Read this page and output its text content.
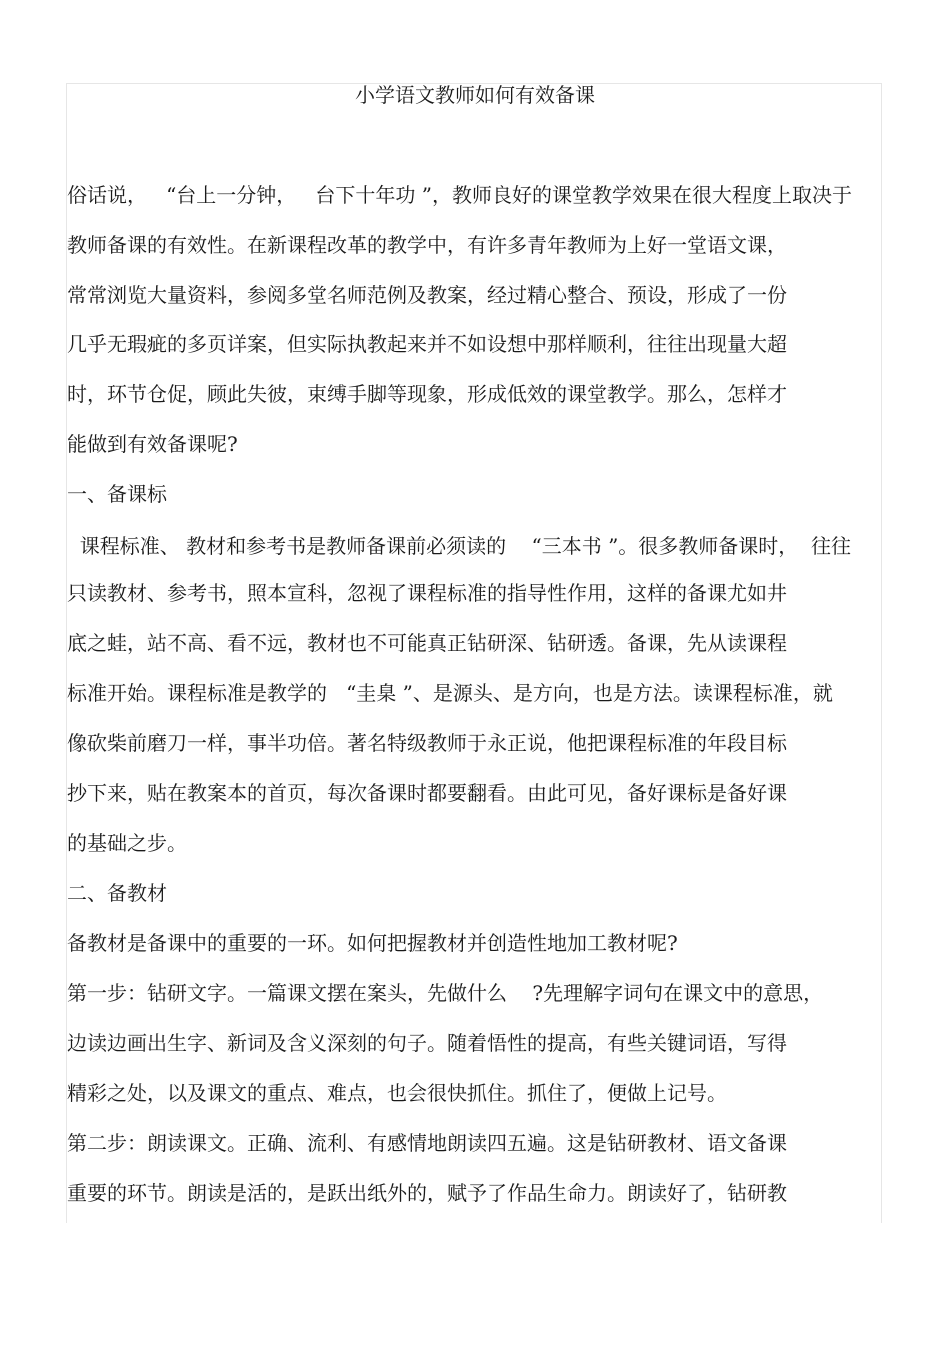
小学语文教师如何有效备课
俗话说，   “台上一分钟，   台下十年功 ”，教师良好的课堂教学效果在很大程度上取决于
教师备课的有效性。在新课程改革的教学中，有许多青年教师为上好一堂语文课，
常常浏览大量资料，参阅多堂名师范例及教案，经过精心整合、预设，形成了一份
几乎无瑕疵的多页详案，但实际执教起来并不如设想中那样顺利，往往出现量大超
时，环节仓促，顾此失彼，束缚手脚等现象，形成低效的课堂教学。那么，怎样才
能做到有效备课呢?
一、备课标
课程标准、 教材和参考书是教师备课前必须读的    “三本书 ”。很多教师备课时，  往往
只读教材、参考书，照本宣科，忽视了课程标准的指导性作用，这样的备课尤如井
底之蛙，站不高、看不远，教材也不可能真正钻研深、钻研透。备课，先从读课程
标准开始。课程标准是教学的   “圭臬 ”、是源头、是方向，也是方法。读课程标准，就
像砍柴前磨刀一样，事半功倍。著名特级教师于永正说，他把课程标准的年段目标
抄下来，贴在教案本的首页，每次备课时都要翻看。由此可见，备好课标是备好课
的基础之步。
二、备教材
备教材是备课中的重要的一环。如何把握教材并创造性地加工教材呢?
第一步：钻研文字。一篇课文摆在案头，先做什么    ?先理解字词句在课文中的意思，
边读边画出生字、新词及含义深刻的句子。随着悟性的提高，有些关键词语，写得
精彩之处，以及课文的重点、难点，也会很快抓住。抓住了，便做上记号。
第二步：朗读课文。正确、流利、有感情地朗读四五遍。这是钻研教材、语文备课
重要的环节。朗读是活的，是跃出纸外的，赋予了作品生命力。朗读好了，钻研教
